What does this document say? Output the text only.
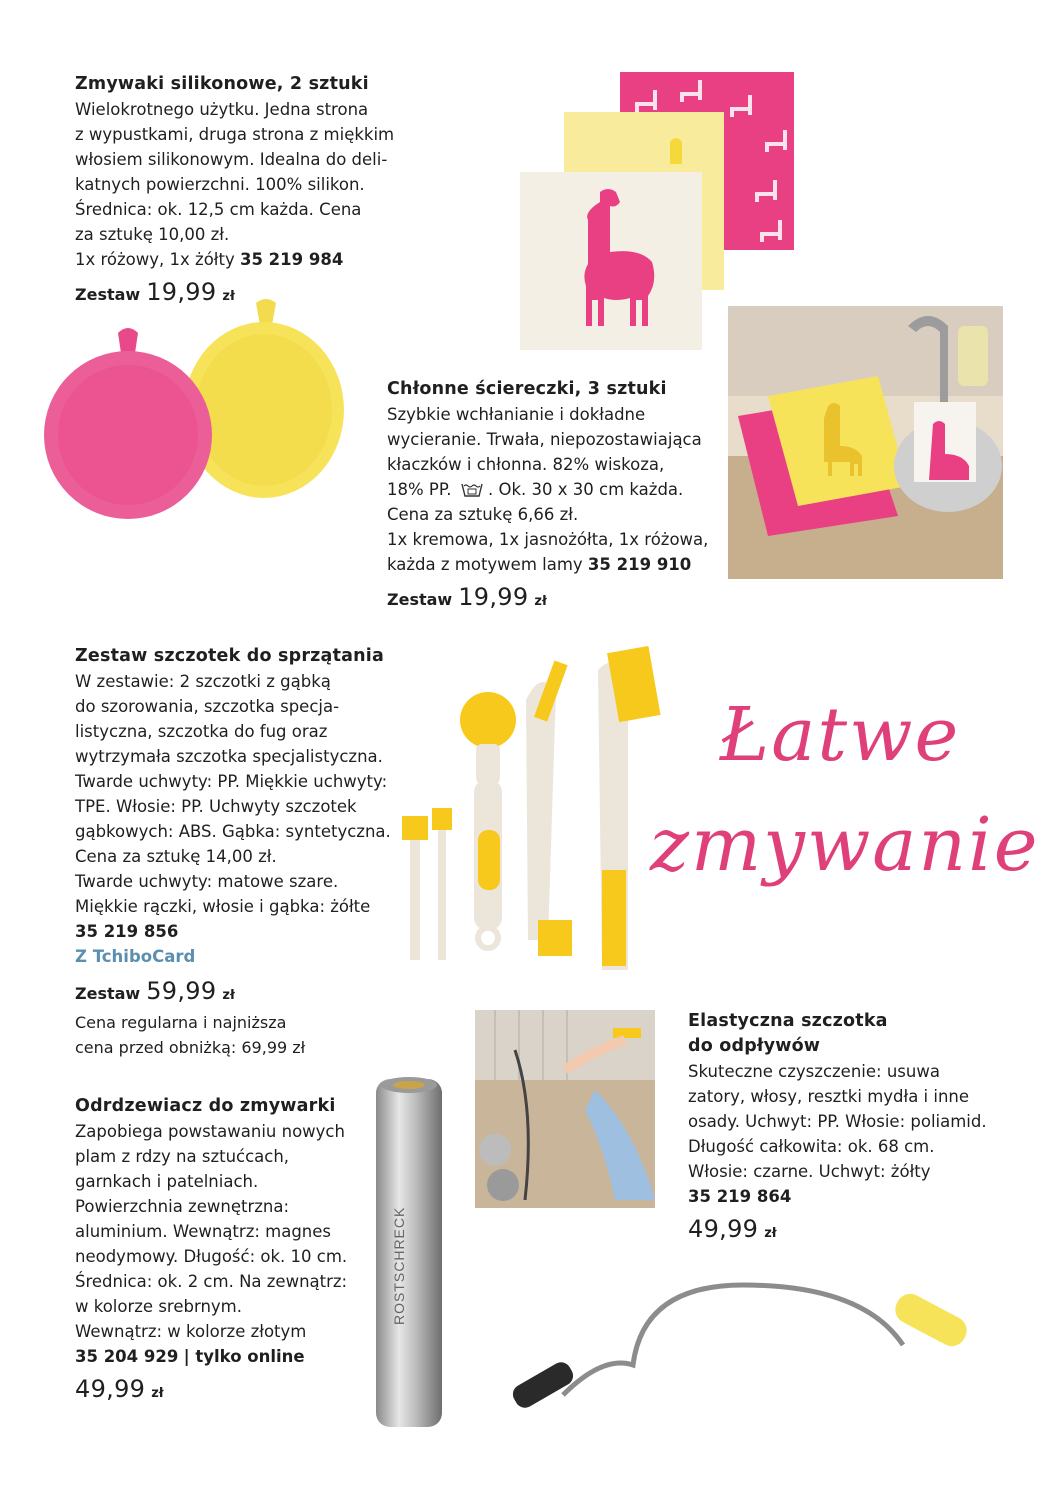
Zmywaki silikonowe, 2 sztuki
Wielokrotnego użytku. Jedna strona
z wypustkami, druga strona z miękkim
włosiem silikonowym. Idealna do deli-
katnych powierzchni. 100% silikon.
Średnica: ok. 12,5 cm każda. Cena
za sztukę 10,00 zł.
1x różowy, 1x żółty 35 219 984
Zestaw 19,99 zł
Chłonne ściereczki, 3 sztuki
Szybkie wchłanianie i dokładne
wycieranie. Trwała, niepozostawiająca
kłaczków i chłonna. 82% wiskoza,
18% PP. . Ok. 30 x 30 cm każda.
Cena za sztukę 6,66 zł.
1x kremowa, 1x jasnożółta, 1x różowa,
każda z motywem lamy 35 219 910
Zestaw 19,99 zł
Zestaw szczotek do sprzątania
W zestawie: 2 szczotki z gąbką
do szorowania, szczotka specja-
listyczna, szczotka do fug oraz
wytrzymała szczotka specjalistyczna.
Twarde uchwyty: PP. Miękkie uchwyty:
TPE. Włosie: PP. Uchwyty szczotek
gąbkowych: ABS. Gąbka: syntetyczna.
Cena za sztukę 14,00 zł.
Twarde uchwyty: matowe szare.
Miękkie rączki, włosie i gąbka: żółte
35 219 856
Z TchiboCard
Zestaw 59,99 zł
Cena regularna i najniższa
cena przed obniżką: 69,99 zł
Łatwe
zmywanie
Elastyczna szczotka
do odpływów
Skuteczne czyszczenie: usuwa
zatory, włosy, resztki mydła i inne
osady. Uchwyt: PP. Włosie: poliamid.
Długość całkowita: ok. 68 cm.
Włosie: czarne. Uchwyt: żółty
35 219 864
49,99 zł
Odrdzewiacz do zmywarki
Zapobiega powstawaniu nowych
plam z rdzy na sztućcach,
garnkach i patelniach.
Powierzchnia zewnętrzna:
aluminium. Wewnątrz: magnes
neodymowy. Długość: ok. 10 cm.
Średnica: ok. 2 cm. Na zewnątrz:
w kolorze srebrnym.
Wewnątrz: w kolorze złotym
35 204 929 | tylko online
49,99 zł
ROSTSCHRECK
